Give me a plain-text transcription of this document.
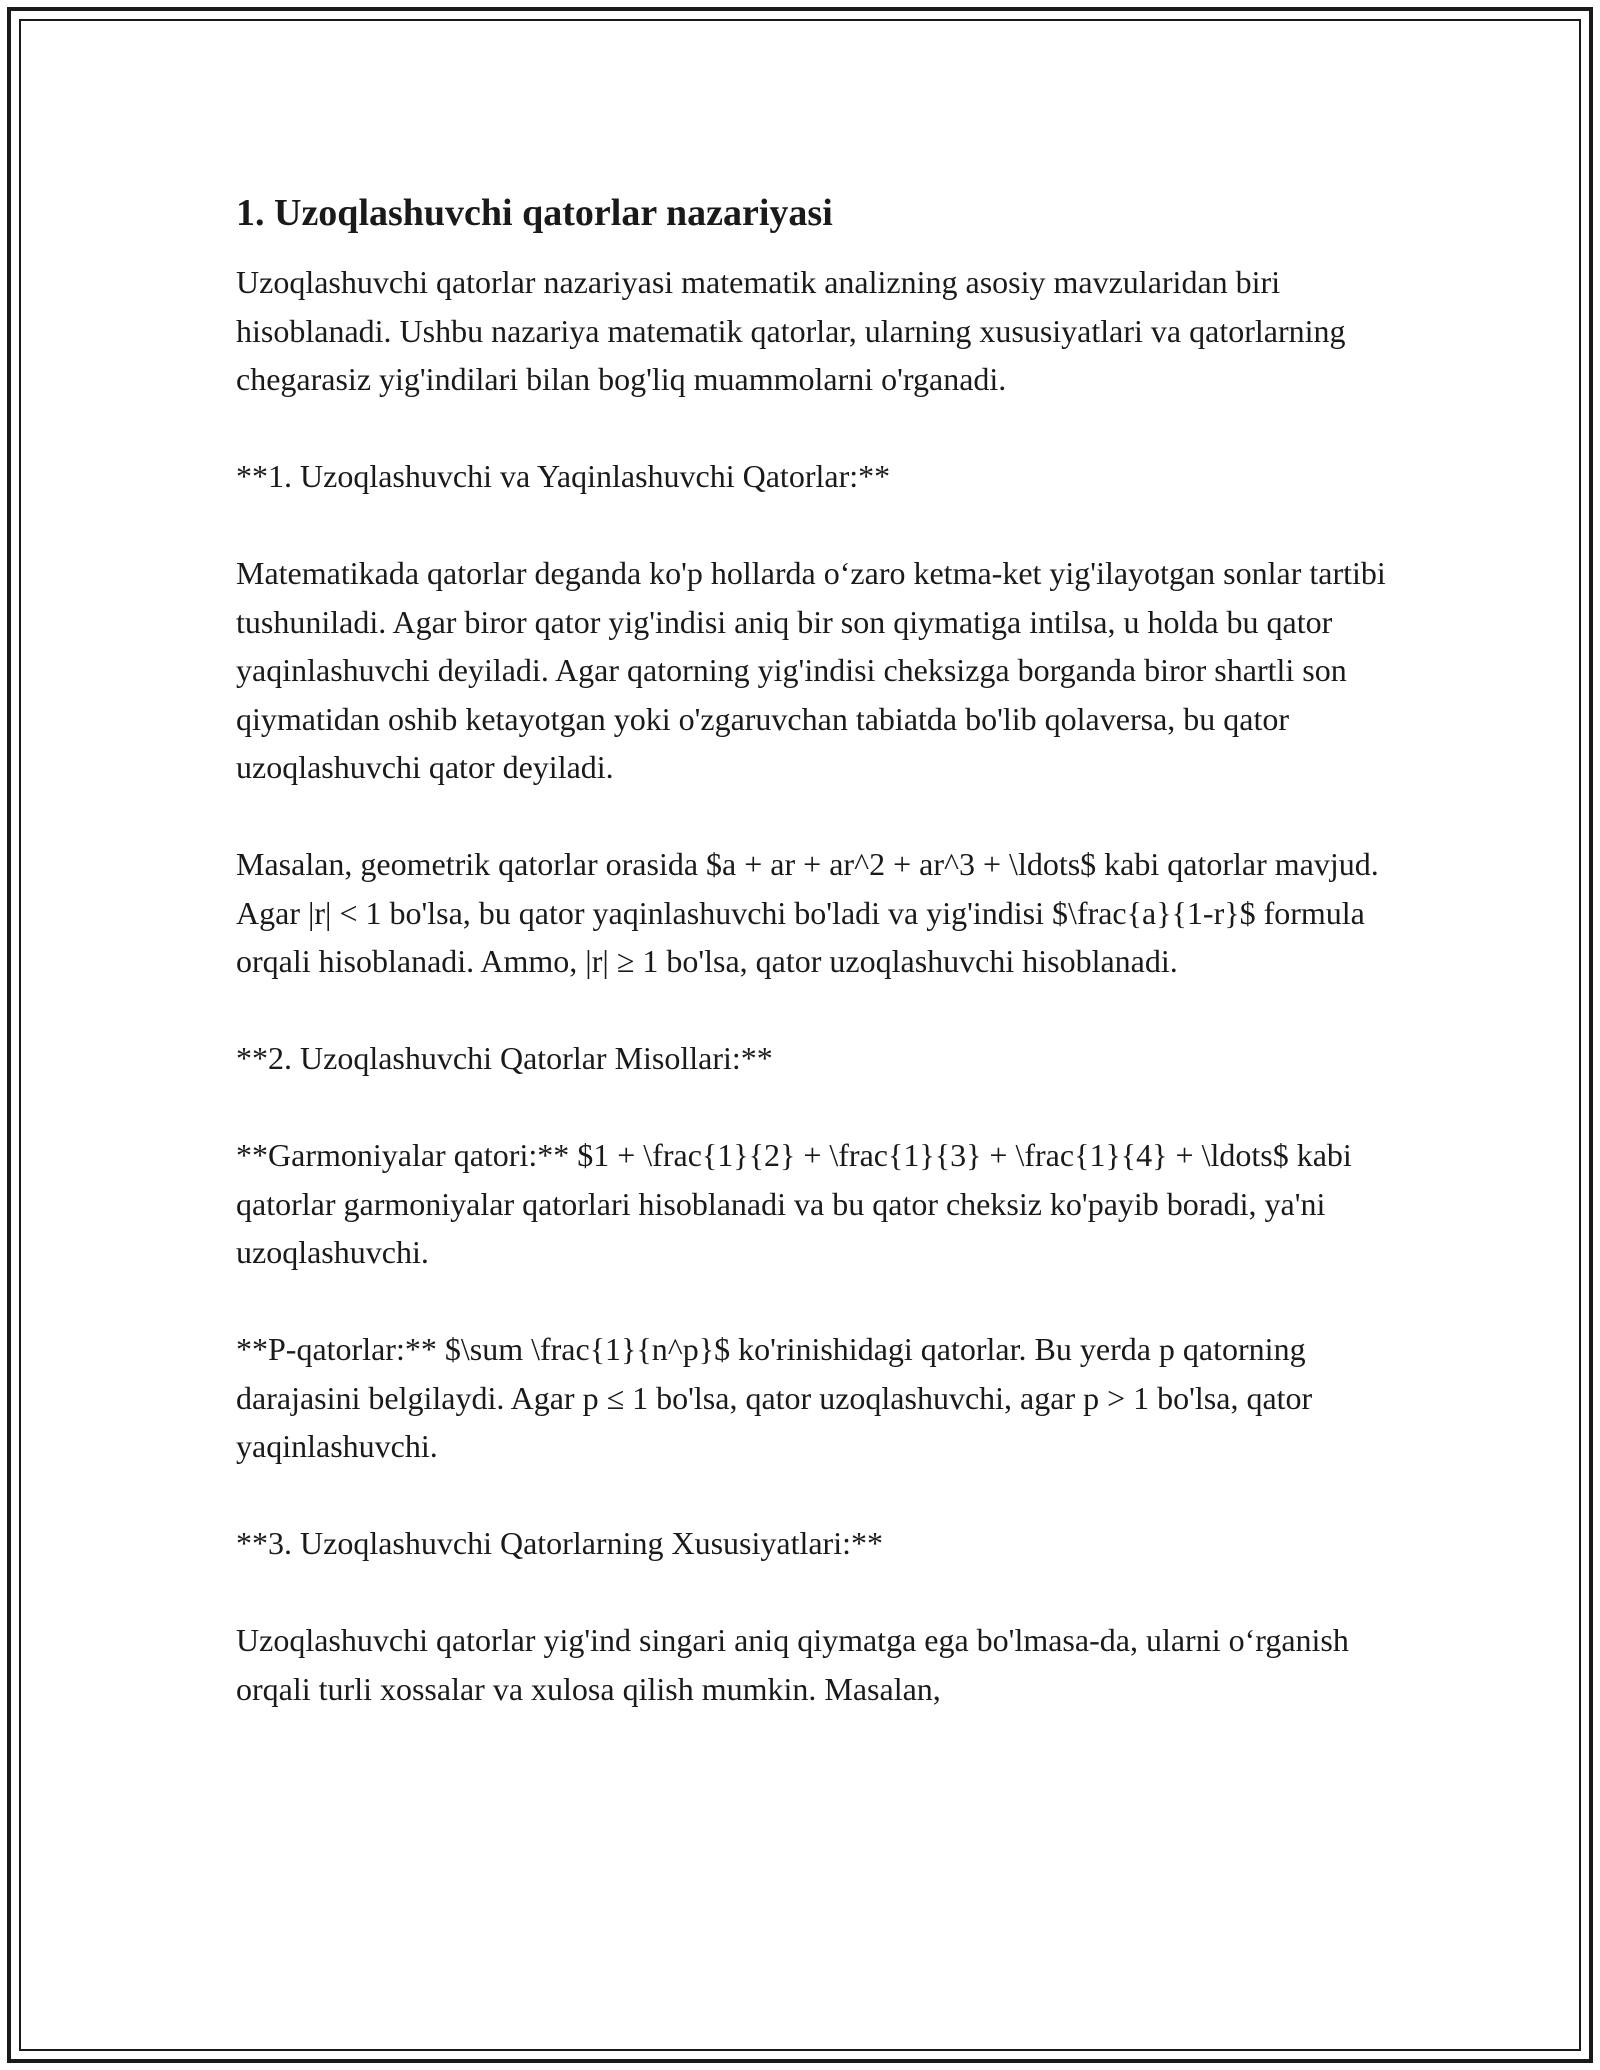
1. Uzoqlashuvchi qatorlar nazariyasi

Uzoqlashuvchi qatorlar nazariyasi matematik analizning asosiy mavzularidan biri hisoblanadi. Ushbu nazariya matematik qatorlar, ularning xususiyatlari va qatorlarning chegarasiz yig'indilari bilan bog'liq muammolarni o'rganadi.

**1. Uzoqlashuvchi va Yaqinlashuvchi Qatorlar:**

Matematikada qatorlar deganda ko'p hollarda o‘zaro ketma-ket yig'ilayotgan sonlar tartibi tushuniladi. Agar biror qator yig'indisi aniq bir son qiymatiga intilsa, u holda bu qator yaqinlashuvchi deyiladi. Agar qatorning yig'indisi cheksizga borganda biror shartli son qiymatidan oshib ketayotgan yoki o'zgaruvchan tabiatda bo'lib qolaversa, bu qator uzoqlashuvchi qator deyiladi.

Masalan, geometrik qatorlar orasida $a + ar + ar^2 + ar^3 + \ldots$ kabi qatorlar mavjud. Agar |r| < 1 bo'lsa, bu qator yaqinlashuvchi bo'ladi va yig'indisi $\frac{a}{1-r}$ formula orqali hisoblanadi. Ammo, |r| ≥ 1 bo'lsa, qator uzoqlashuvchi hisoblanadi.

**2. Uzoqlashuvchi Qatorlar Misollari:**

**Garmoniyalar qatori:** $1 + \frac{1}{2} + \frac{1}{3} + \frac{1}{4} + \ldots$ kabi qatorlar garmoniyalar qatorlari hisoblanadi va bu qator cheksiz ko'payib boradi, ya'ni uzoqlashuvchi.

**P-qatorlar:** $\sum \frac{1}{n^p}$ ko'rinishidagi qatorlar. Bu yerda p qatorning darajasini belgilaydi. Agar p ≤ 1 bo'lsa, qator uzoqlashuvchi, agar p > 1 bo'lsa, qator yaqinlashuvchi.

**3. Uzoqlashuvchi Qatorlarning Xususiyatlari:**

Uzoqlashuvchi qatorlar yig'ind singari aniq qiymatga ega bo'lmasa-da, ularni o‘rganish orqali turli xossalar va xulosa qilish mumkin. Masalan,
